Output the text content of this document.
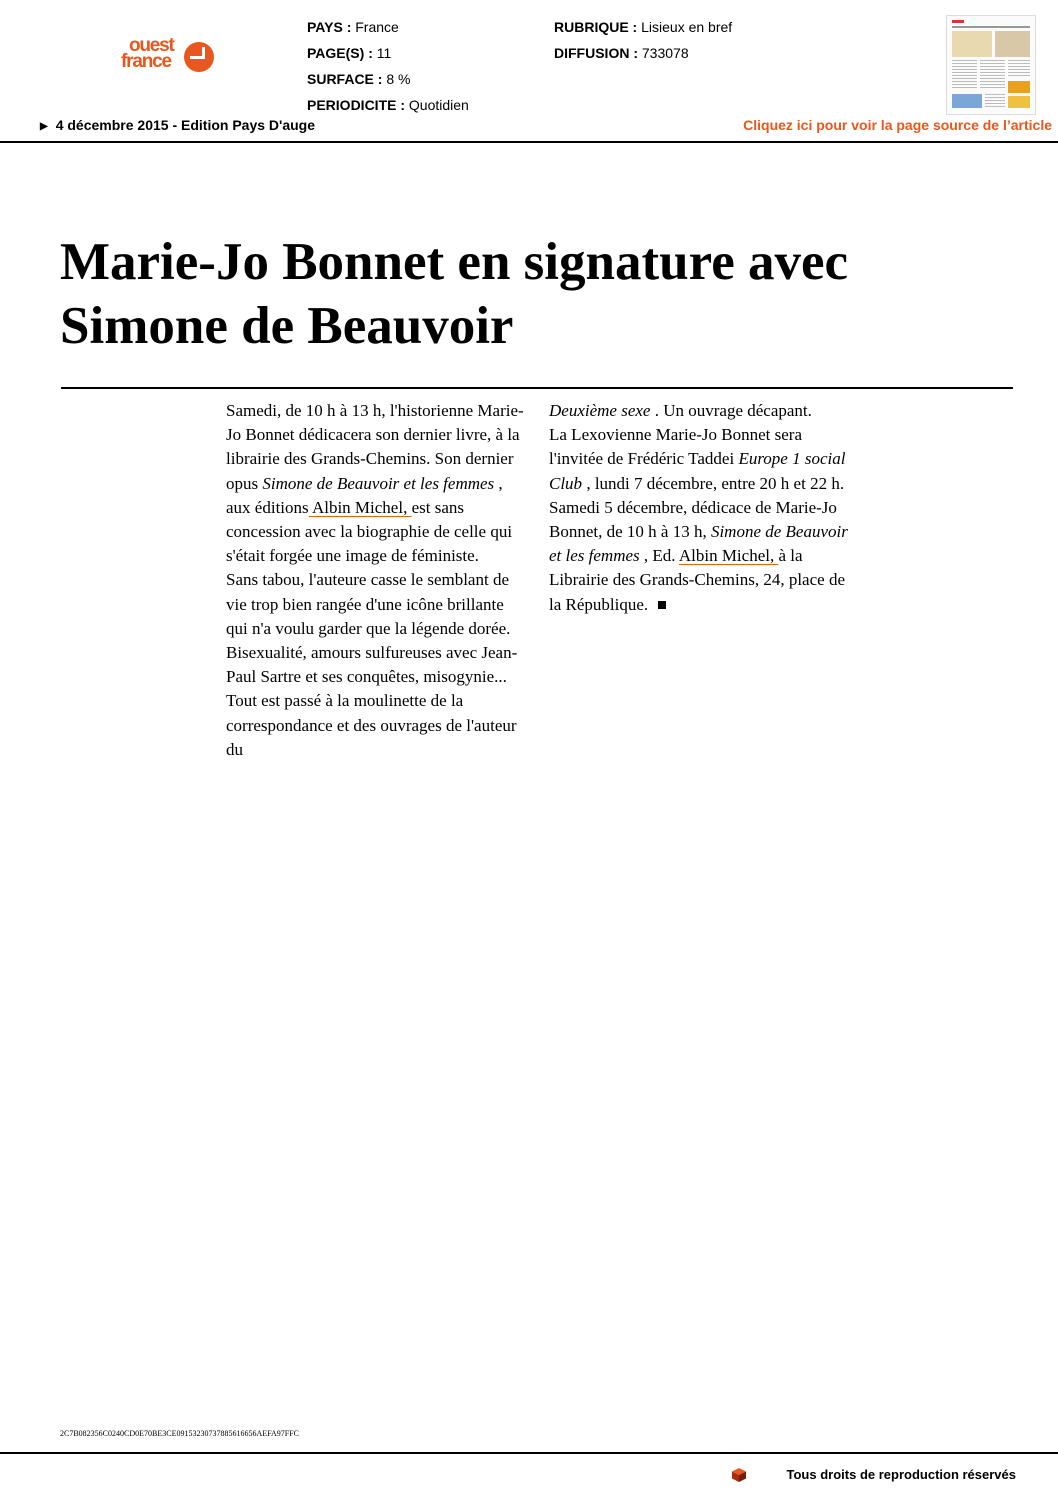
ouest
france
PAYS : France
PAGE(S) : 11
SURFACE : 8 %
PERIODICITE : Quotidien
RUBRIQUE : Lisieux en bref
DIFFUSION : 733078
▶ 4 décembre 2015 - Edition Pays D'auge	Cliquez ici pour voir la page source de l’article
Marie-Jo Bonnet en signature avec Simone de Beauvoir

Samedi, de 10 h à 13 h, l'historienne Marie-Jo Bonnet dédicacera son dernier livre, à la librairie des Grands-Chemins. Son dernier opus Simone de Beauvoir et les femmes , aux éditions Albin Michel, est sans concession avec la biographie de celle qui s'était forgée une image de féministe.

Sans tabou, l'auteure casse le semblant de vie trop bien rangée d'une icône brillante qui n'a voulu garder que la légende dorée.

Bisexualité, amours sulfureuses avec Jean-Paul Sartre et ses conquêtes, misogynie... Tout est passé à la moulinette de la correspondance et des ouvrages de l'auteur du

Deuxième sexe . Un ouvrage décapant.

La Lexovienne Marie-Jo Bonnet sera l'invitée de Frédéric Taddei Europe 1 social Club , lundi 7 décembre, entre 20 h et 22 h.

Samedi 5 décembre, dédicace de Marie-Jo Bonnet, de 10 h à 13 h, Simone de Beauvoir et les femmes , Ed. Albin Michel, à la Librairie des Grands-Chemins, 24, place de la République.

2C7B082356C0240CD0E70BE3CE09153230737885616656AEFA97FFC
Tous droits de reproduction réservés
